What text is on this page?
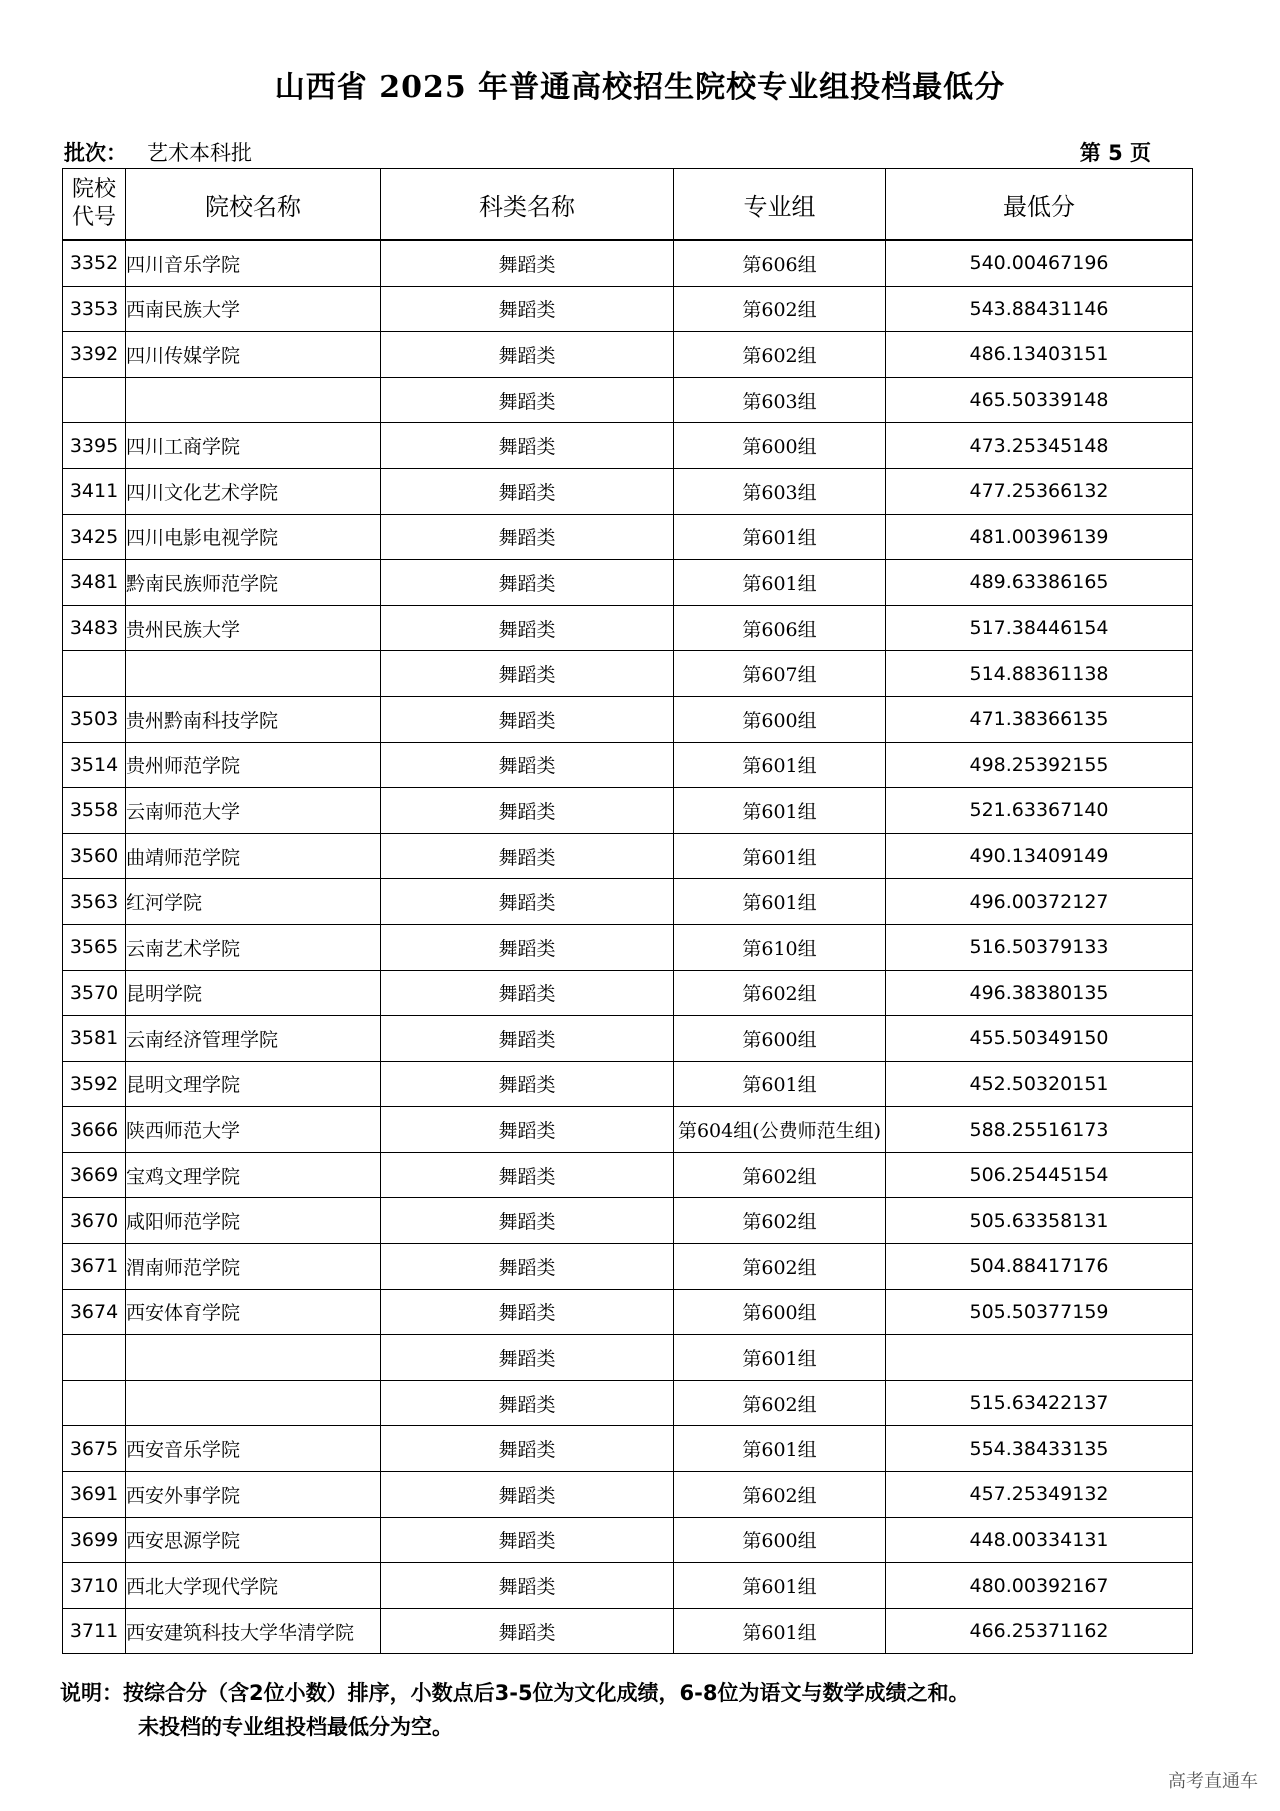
山西省 2025 年普通高校招生院校专业组投档最低分
批次： 艺术本科批	第 5 页
院校
代号	院校名称	科类名称	专业组	最低分
3352	四川音乐学院	舞蹈类	第606组	540.00467196
3353	西南民族大学	舞蹈类	第602组	543.88431146
3392	四川传媒学院	舞蹈类	第602组	486.13403151
		舞蹈类	第603组	465.50339148
3395	四川工商学院	舞蹈类	第600组	473.25345148
3411	四川文化艺术学院	舞蹈类	第603组	477.25366132
3425	四川电影电视学院	舞蹈类	第601组	481.00396139
3481	黔南民族师范学院	舞蹈类	第601组	489.63386165
3483	贵州民族大学	舞蹈类	第606组	517.38446154
		舞蹈类	第607组	514.88361138
3503	贵州黔南科技学院	舞蹈类	第600组	471.38366135
3514	贵州师范学院	舞蹈类	第601组	498.25392155
3558	云南师范大学	舞蹈类	第601组	521.63367140
3560	曲靖师范学院	舞蹈类	第601组	490.13409149
3563	红河学院	舞蹈类	第601组	496.00372127
3565	云南艺术学院	舞蹈类	第610组	516.50379133
3570	昆明学院	舞蹈类	第602组	496.38380135
3581	云南经济管理学院	舞蹈类	第600组	455.50349150
3592	昆明文理学院	舞蹈类	第601组	452.50320151
3666	陕西师范大学	舞蹈类	第604组(公费师范生组)	588.25516173
3669	宝鸡文理学院	舞蹈类	第602组	506.25445154
3670	咸阳师范学院	舞蹈类	第602组	505.63358131
3671	渭南师范学院	舞蹈类	第602组	504.88417176
3674	西安体育学院	舞蹈类	第600组	505.50377159
		舞蹈类	第601组	
		舞蹈类	第602组	515.63422137
3675	西安音乐学院	舞蹈类	第601组	554.38433135
3691	西安外事学院	舞蹈类	第602组	457.25349132
3699	西安思源学院	舞蹈类	第600组	448.00334131
3710	西北大学现代学院	舞蹈类	第601组	480.00392167
3711	西安建筑科技大学华清学院	舞蹈类	第601组	466.25371162
说明：按综合分（含2位小数）排序，小数点后3-5位为文化成绩，6-8位为语文与数学成绩之和。
未投档的专业组投档最低分为空。
高考直通车
